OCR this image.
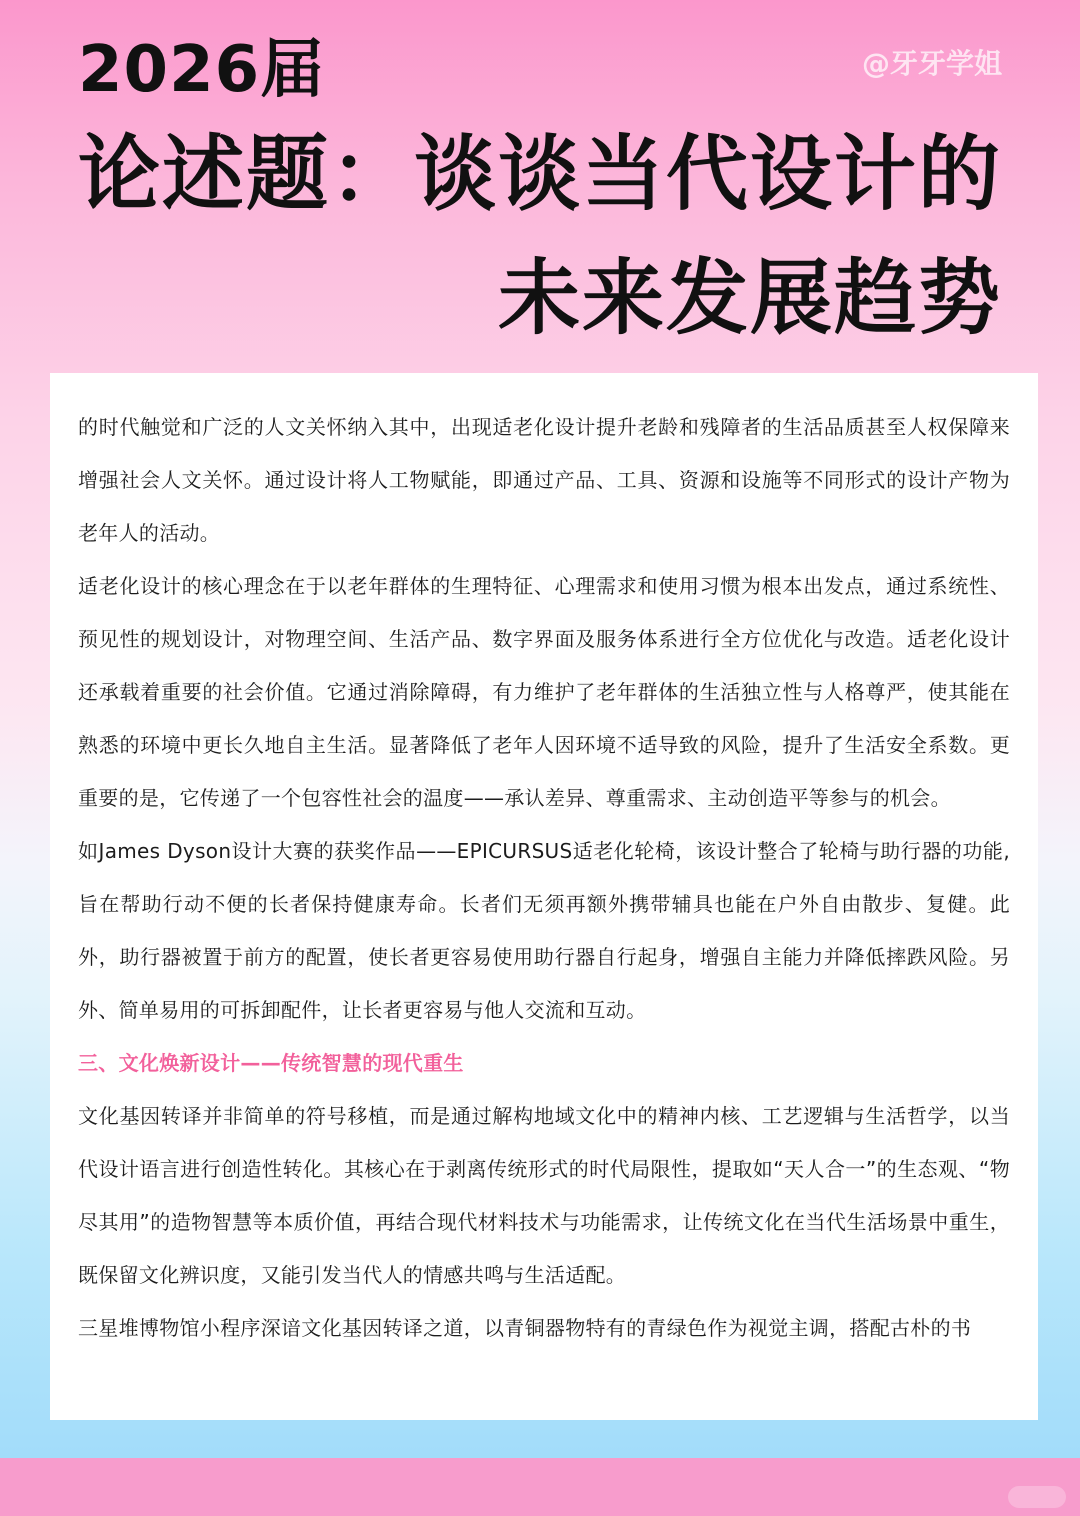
2026届	@牙牙学姐
论述题：谈谈当代设计的
未来发展趋势

的时代触觉和广泛的人文关怀纳入其中，出现适老化设计提升老龄和残障者的生活品质甚至人权保障来增强社会人文关怀。通过设计将人工物赋能，即通过产品、工具、资源和设施等不同形式的设计产物为老年人的活动。

适老化设计的核心理念在于以老年群体的生理特征、心理需求和使用习惯为根本出发点，通过系统性、预见性的规划设计，对物理空间、生活产品、数字界面及服务体系进行全方位优化与改造。适老化设计还承载着重要的社会价值。它通过消除障碍，有力维护了老年群体的生活独立性与人格尊严，使其能在熟悉的环境中更长久地自主生活。显著降低了老年人因环境不适导致的风险，提升了生活安全系数。更重要的是，它传递了一个包容性社会的温度——承认差异、尊重需求、主动创造平等参与的机会。

如James Dyson设计大赛的获奖作品——EPICURSUS适老化轮椅，该设计整合了轮椅与助行器的功能,旨在帮助行动不便的长者保持健康寿命。长者们无须再额外携带辅具也能在户外自由散步、复健。此外，助行器被置于前方的配置，使长者更容易使用助行器自行起身，增强自主能力并降低摔跌风险。另外、简单易用的可拆卸配件，让长者更容易与他人交流和互动。

三、文化焕新设计——传统智慧的现代重生

文化基因转译并非简单的符号移植，而是通过解构地域文化中的精神内核、工艺逻辑与生活哲学，以当代设计语言进行创造性转化。其核心在于剥离传统形式的时代局限性，提取如“天人合一”的生态观、“物尽其用”的造物智慧等本质价值，再结合现代材料技术与功能需求，让传统文化在当代生活场景中重生，既保留文化辨识度，又能引发当代人的情感共鸣与生活适配。

三星堆博物馆小程序深谙文化基因转译之道，以青铜器物特有的青绿色作为视觉主调，搭配古朴的书
